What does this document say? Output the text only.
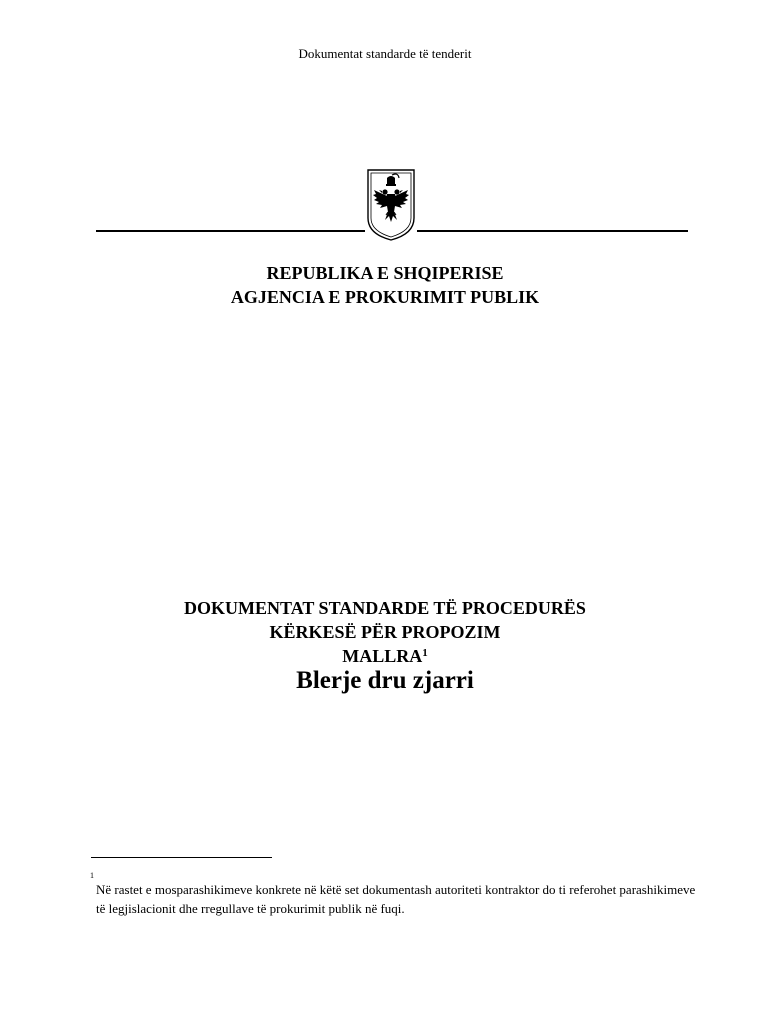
Dokumentat standarde të tenderit
REPUBLIKA E SHQIPERISE
AGJENCIA E PROKURIMIT PUBLIK
DOKUMENTAT STANDARDE TË PROCEDURËS
KËRKESË PËR PROPOZIM
MALLRA$^1$
Blerje dru zjarri
1
Në rastet e mosparashikimeve konkrete në këtë set dokumentash autoriteti kontraktor do ti referohet parashikimeve të legjislacionit dhe rregullave të prokurimit publik në fuqi.
